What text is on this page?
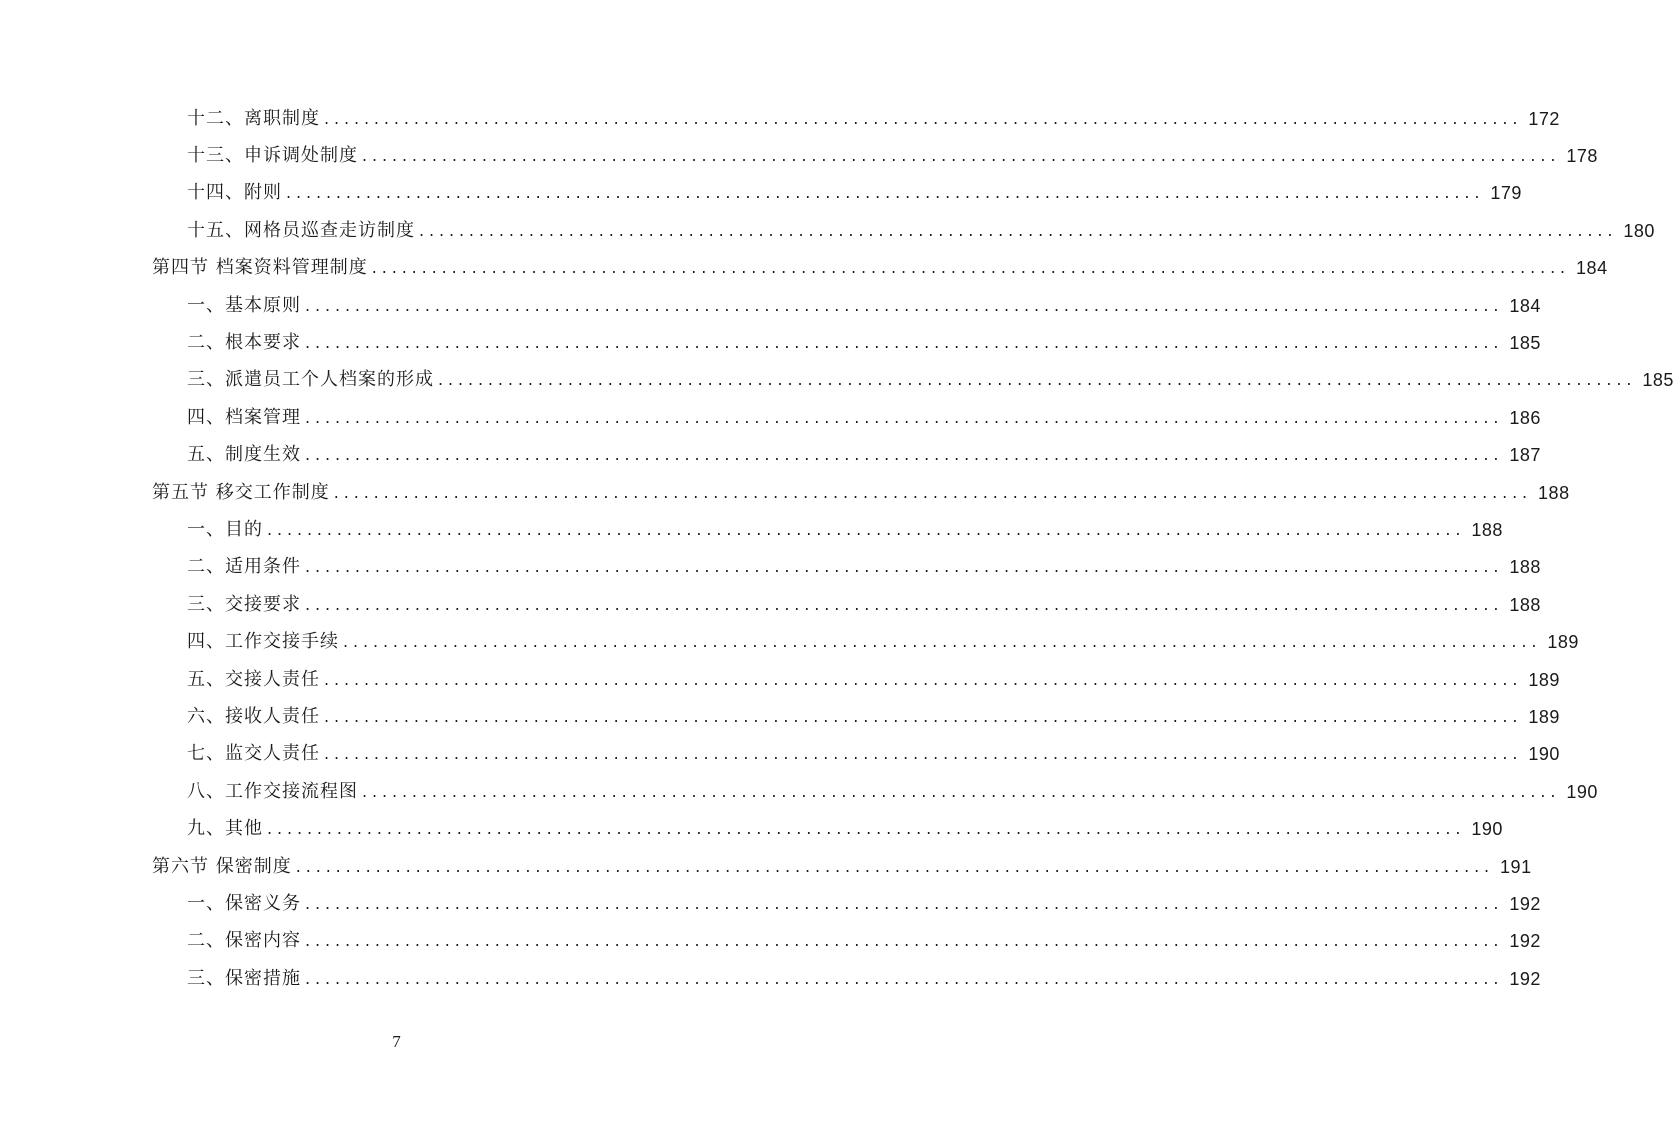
十二、离职制度 ........................................................................................................................ 172
十三、申诉调处制度 ........................................................................................................................ 178
十四、附则 ........................................................................................................................ 179
十五、网格员巡查走访制度 ........................................................................................................................ 180
第四节 档案资料管理制度 ........................................................................................................................ 184
一、基本原则 ........................................................................................................................ 184
二、根本要求 ........................................................................................................................ 185
三、派遣员工个人档案的形成 ........................................................................................................................ 185
四、档案管理 ........................................................................................................................ 186
五、制度生效 ........................................................................................................................ 187
第五节 移交工作制度 ........................................................................................................................ 188
一、目的 ........................................................................................................................ 188
二、适用条件 ........................................................................................................................ 188
三、交接要求 ........................................................................................................................ 188
四、工作交接手续 ........................................................................................................................ 189
五、交接人责任 ........................................................................................................................ 189
六、接收人责任 ........................................................................................................................ 189
七、监交人责任 ........................................................................................................................ 190
八、工作交接流程图 ........................................................................................................................ 190
九、其他 ........................................................................................................................ 190
第六节 保密制度 ........................................................................................................................ 191
一、保密义务 ........................................................................................................................ 192
二、保密内容 ........................................................................................................................ 192
三、保密措施 ........................................................................................................................ 192
7
